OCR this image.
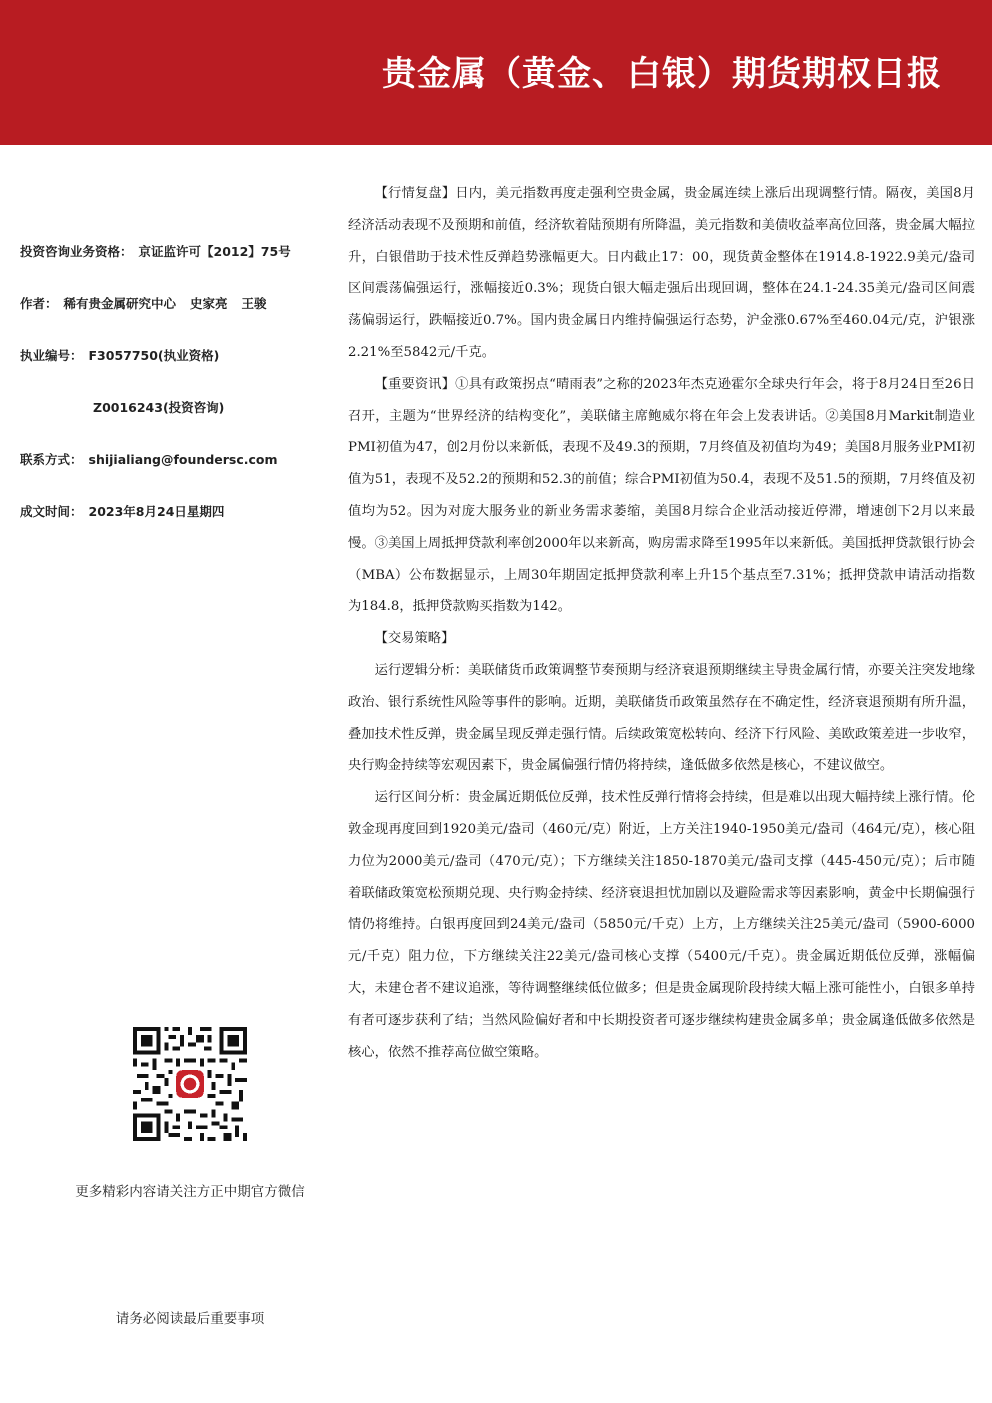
贵金属（黄金、白银）期货期权日报
投资咨询业务资格： 京证监许可【2012】75号
作者： 稀有贵金属研究中心 史家亮 王骏
执业编号： F3057750(执业资格)
Z0016243(投资咨询)
联系方式： shijialiang@foundersc.com
成文时间： 2023年8月24日星期四
更多精彩内容请关注方正中期官方微信
请务必阅读最后重要事项

【行情复盘】日内，美元指数再度走强利空贵金属，贵金属连续上涨后出现调整行情。隔夜，美国8月经济活动表现不及预期和前值，经济软着陆预期有所降温，美元指数和美债收益率高位回落，贵金属大幅拉升，白银借助于技术性反弹趋势涨幅更大。日内截止17：00，现货黄金整体在1914.8-1922.9美元/盎司区间震荡偏强运行，涨幅接近0.3%；现货白银大幅走强后出现回调，整体在24.1-24.35美元/盎司区间震荡偏弱运行，跌幅接近0.7%。国内贵金属日内维持偏强运行态势，沪金涨0.67%至460.04元/克，沪银涨2.21%至5842元/千克。

【重要资讯】①具有政策拐点“晴雨表”之称的2023年杰克逊霍尔全球央行年会，将于8月24日至26日召开，主题为“世界经济的结构变化”，美联储主席鲍威尔将在年会上发表讲话。②美国8月Markit制造业PMI初值为47，创2月份以来新低，表现不及49.3的预期，7月终值及初值均为49；美国8月服务业PMI初值为51，表现不及52.2的预期和52.3的前值；综合PMI初值为50.4，表现不及51.5的预期，7月终值及初值均为52。因为对庞大服务业的新业务需求萎缩，美国8月综合企业活动接近停滞，增速创下2月以来最慢。③美国上周抵押贷款利率创2000年以来新高，购房需求降至1995年以来新低。美国抵押贷款银行协会（MBA）公布数据显示，上周30年期固定抵押贷款利率上升15个基点至7.31%；抵押贷款申请活动指数为184.8，抵押贷款购买指数为142。

【交易策略】

运行逻辑分析：美联储货币政策调整节奏预期与经济衰退预期继续主导贵金属行情，亦要关注突发地缘政治、银行系统性风险等事件的影响。近期，美联储货币政策虽然存在不确定性，经济衰退预期有所升温，叠加技术性反弹，贵金属呈现反弹走强行情。后续政策宽松转向、经济下行风险、美欧政策差进一步收窄，央行购金持续等宏观因素下，贵金属偏强行情仍将持续，逢低做多依然是核心，不建议做空。

运行区间分析：贵金属近期低位反弹，技术性反弹行情将会持续，但是难以出现大幅持续上涨行情。伦敦金现再度回到1920美元/盎司（460元/克）附近，上方关注1940-1950美元/盎司（464元/克），核心阻力位为2000美元/盎司（470元/克）；下方继续关注1850-1870美元/盎司支撑（445-450元/克）；后市随着联储政策宽松预期兑现、央行购金持续、经济衰退担忧加剧以及避险需求等因素影响，黄金中长期偏强行情仍将维持。白银再度回到24美元/盎司（5850元/千克）上方，上方继续关注25美元/盎司（5900-6000元/千克）阻力位，下方继续关注22美元/盎司核心支撑（5400元/千克）。贵金属近期低位反弹，涨幅偏大，未建仓者不建议追涨，等待调整继续低位做多；但是贵金属现阶段持续大幅上涨可能性小，白银多单持有者可逐步获利了结；当然风险偏好者和中长期投资者可逐步继续构建贵金属多单；贵金属逢低做多依然是核心，依然不推荐高位做空策略。
